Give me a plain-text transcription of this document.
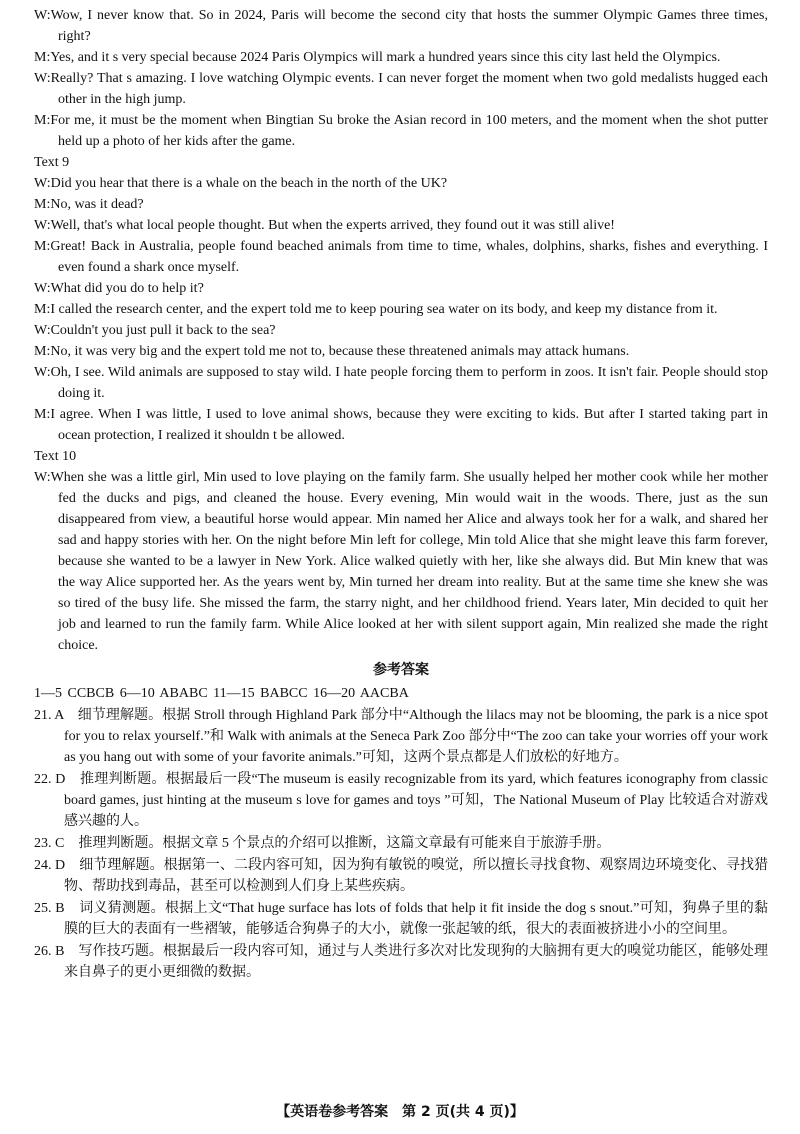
W:Wow, I never know that. So in 2024, Paris will become the second city that hosts the summer Olympic Games three times, right?
M:Yes, and it s very special because 2024 Paris Olympics will mark a hundred years since this city last held the Olympics.
W:Really? That s amazing. I love watching Olympic events. I can never forget the moment when two gold medalists hugged each other in the high jump.
M:For me, it must be the moment when Bingtian Su broke the Asian record in 100 meters, and the moment when the shot putter held up a photo of her kids after the game.
Text 9
W:Did you hear that there is a whale on the beach in the north of the UK?
M:No, was it dead?
W:Well, that's what local people thought. But when the experts arrived, they found out it was still alive!
M:Great! Back in Australia, people found beached animals from time to time, whales, dolphins, sharks, fishes and everything. I even found a shark once myself.
W:What did you do to help it?
M:I called the research center, and the expert told me to keep pouring sea water on its body, and keep my distance from it.
W:Couldn't you just pull it back to the sea?
M:No, it was very big and the expert told me not to, because these threatened animals may attack humans.
W:Oh, I see. Wild animals are supposed to stay wild. I hate people forcing them to perform in zoos. It isn't fair. People should stop doing it.
M:I agree. When I was little, I used to love animal shows, because they were exciting to kids. But after I started taking part in ocean protection, I realized it shouldn t be allowed.
Text 10
W:When she was a little girl, Min used to love playing on the family farm. She usually helped her mother cook while her mother fed the ducks and pigs, and cleaned the house. Every evening, Min would wait in the woods. There, just as the sun disappeared from view, a beautiful horse would appear. Min named her Alice and always took her for a walk, and shared her sad and happy stories with her. On the night before Min left for college, Min told Alice that she might leave this farm forever, because she wanted to be a lawyer in New York. Alice walked quietly with her, like she always did. But Min knew that was the way Alice supported her. As the years went by, Min turned her dream into reality. But at the same time she knew she was so tired of the busy life. She missed the farm, the starry night, and her childhood friend. Years later, Min decided to quit her job and learned to run the family farm. While Alice looked at her with silent support again, Min realized she made the right choice.
参考答案
1—5 CCBCB 6—10 ABABC 11—15 BABCC 16—20 AACBA
21. A　细节理解题。根据 Stroll through Highland Park 部分中“Although the lilacs may not be blooming, the park is a nice spot for you to relax yourself.”和 Walk with animals at the Seneca Park Zoo 部分中“The zoo can take your worries off your work as you hang out with some of your favorite animals.”可知，这两个景点都是人们放松的好地方。
22. D　推理判断题。根据最后一段“The museum is easily recognizable from its yard, which features iconography from classic board games, just hinting at the museum s love for games and toys ”可知，The National Museum of Play 比较适合对游戏感兴趣的人。
23. C　推理判断题。根据文章 5 个景点的介绍可以推断，这篇文章最有可能来自于旅游手册。
24. D　细节理解题。根据第一、二段内容可知，因为狗有敏锐的嗅觉，所以擅长寻找食物、观察周边环境变化、寻找猎物、帮助找到毒品，甚至可以检测到人们身上某些疾病。
25. B　词义猜测题。根据上文“That huge surface has lots of folds that help it fit inside the dog s snout.”可知，狗鼻子里的黏膜的巨大的表面有一些褶皱，能够适合狗鼻子的大小，就像一张起皱的纸，很大的表面被挤进小小的空间里。
26. B　写作技巧题。根据最后一段内容可知，通过与人类进行多次对比发现狗的大脑拥有更大的嗅觉功能区，能够处理来自鼻子的更小更细微的数据。
【英语卷参考答案　第 2 页(共 4 页)】
